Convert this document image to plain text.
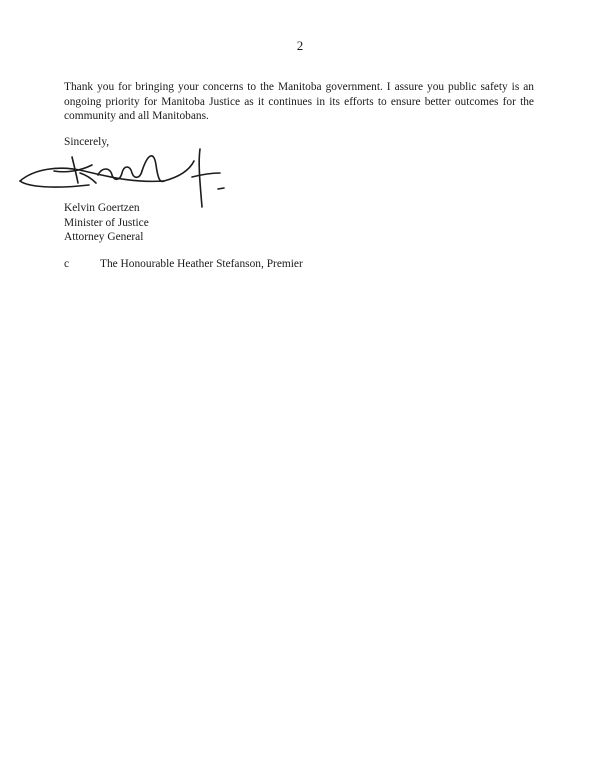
2

Thank you for bringing your concerns to the Manitoba government. I assure you public safety is an ongoing priority for Manitoba Justice as it continues in its efforts to ensure better outcomes for the community and all Manitobans.

Sincerely,
Kelvin Goertzen
Minister of Justice
Attorney General
c	The Honourable Heather Stefanson, Premier
